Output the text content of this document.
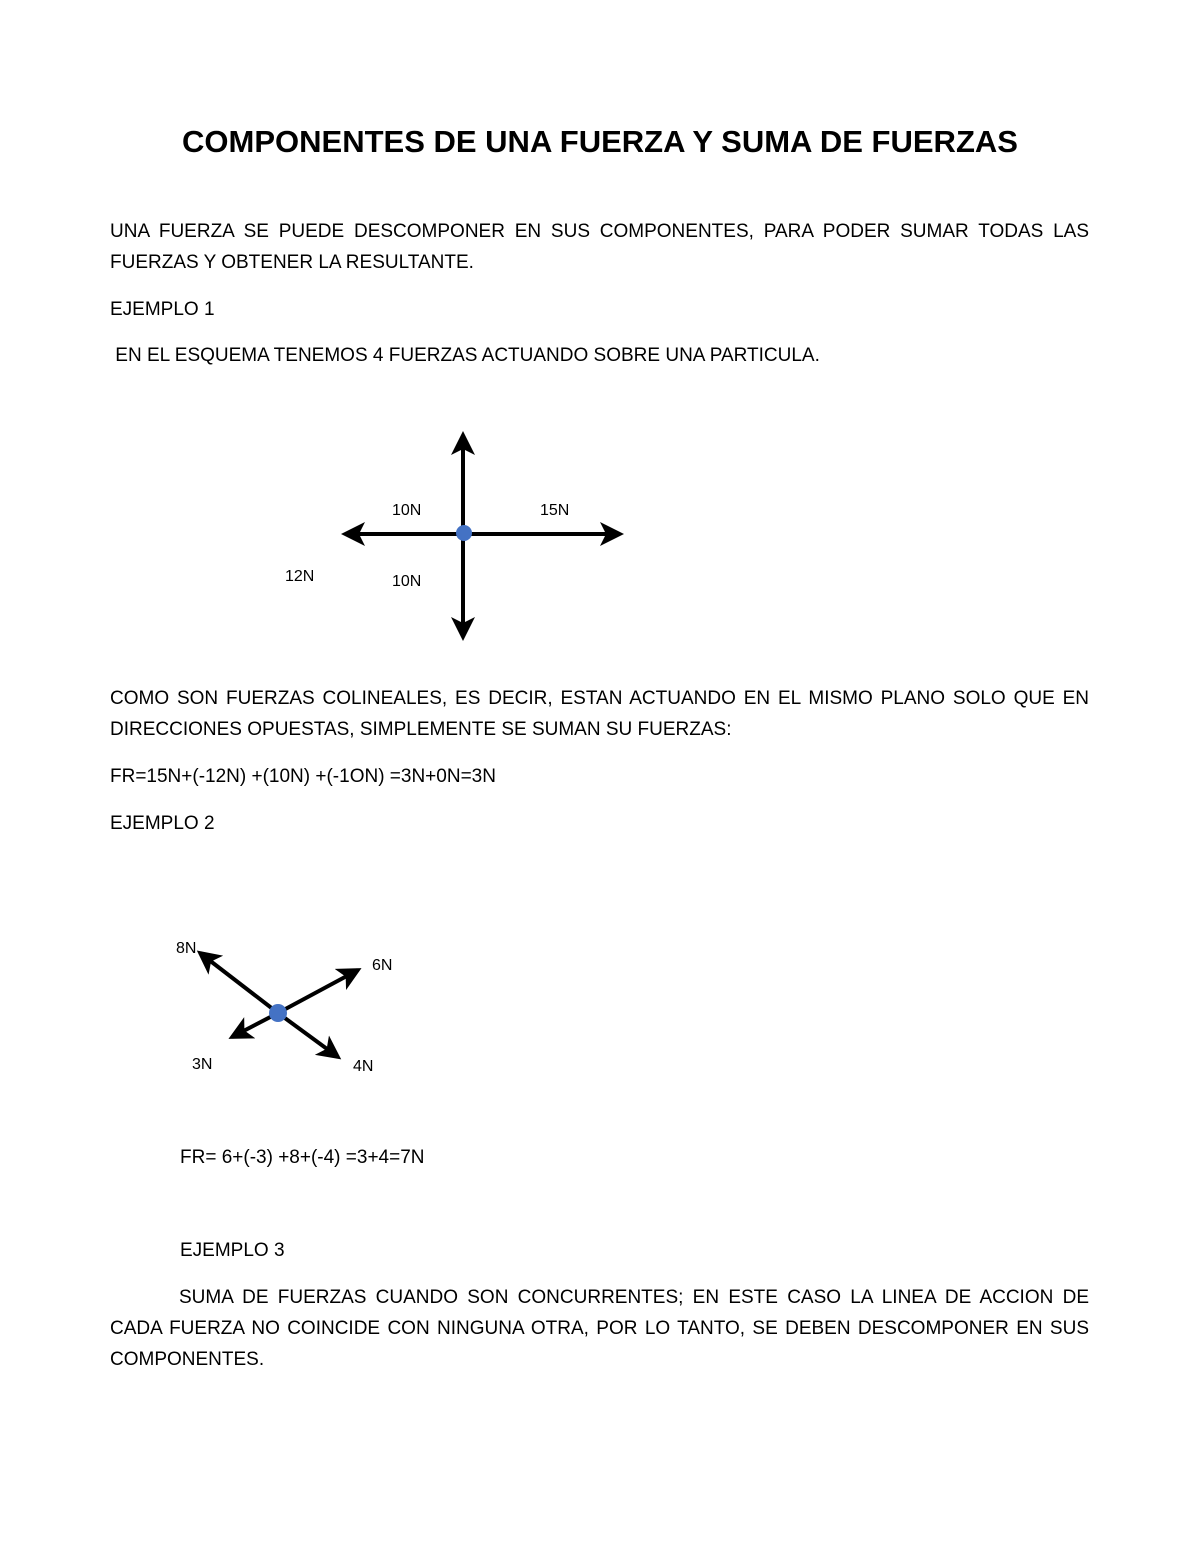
COMPONENTES DE UNA FUERZA Y SUMA DE FUERZAS

UNA FUERZA SE PUEDE DESCOMPONER EN SUS COMPONENTES, PARA PODER SUMAR TODAS LAS FUERZAS Y OBTENER LA RESULTANTE.

EJEMPLO 1

EN EL ESQUEMA TENEMOS 4 FUERZAS ACTUANDO SOBRE UNA PARTICULA.

10N	15N
12N	10N

COMO SON FUERZAS COLINEALES, ES DECIR, ESTAN ACTUANDO EN EL MISMO PLANO SOLO QUE EN DIRECCIONES OPUESTAS, SIMPLEMENTE SE SUMAN SU FUERZAS:

FR=15N+(-12N) +(10N) +(-1ON) =3N+0N=3N

EJEMPLO 2

8N
6N
3N	4N

FR= 6+(-3) +8+(-4) =3+4=7N

EJEMPLO 3

SUMA DE FUERZAS CUANDO SON CONCURRENTES; EN ESTE CASO LA LINEA DE ACCION DE CADA FUERZA NO COINCIDE CON NINGUNA OTRA, POR LO TANTO, SE DEBEN DESCOMPONER EN SUS COMPONENTES.
